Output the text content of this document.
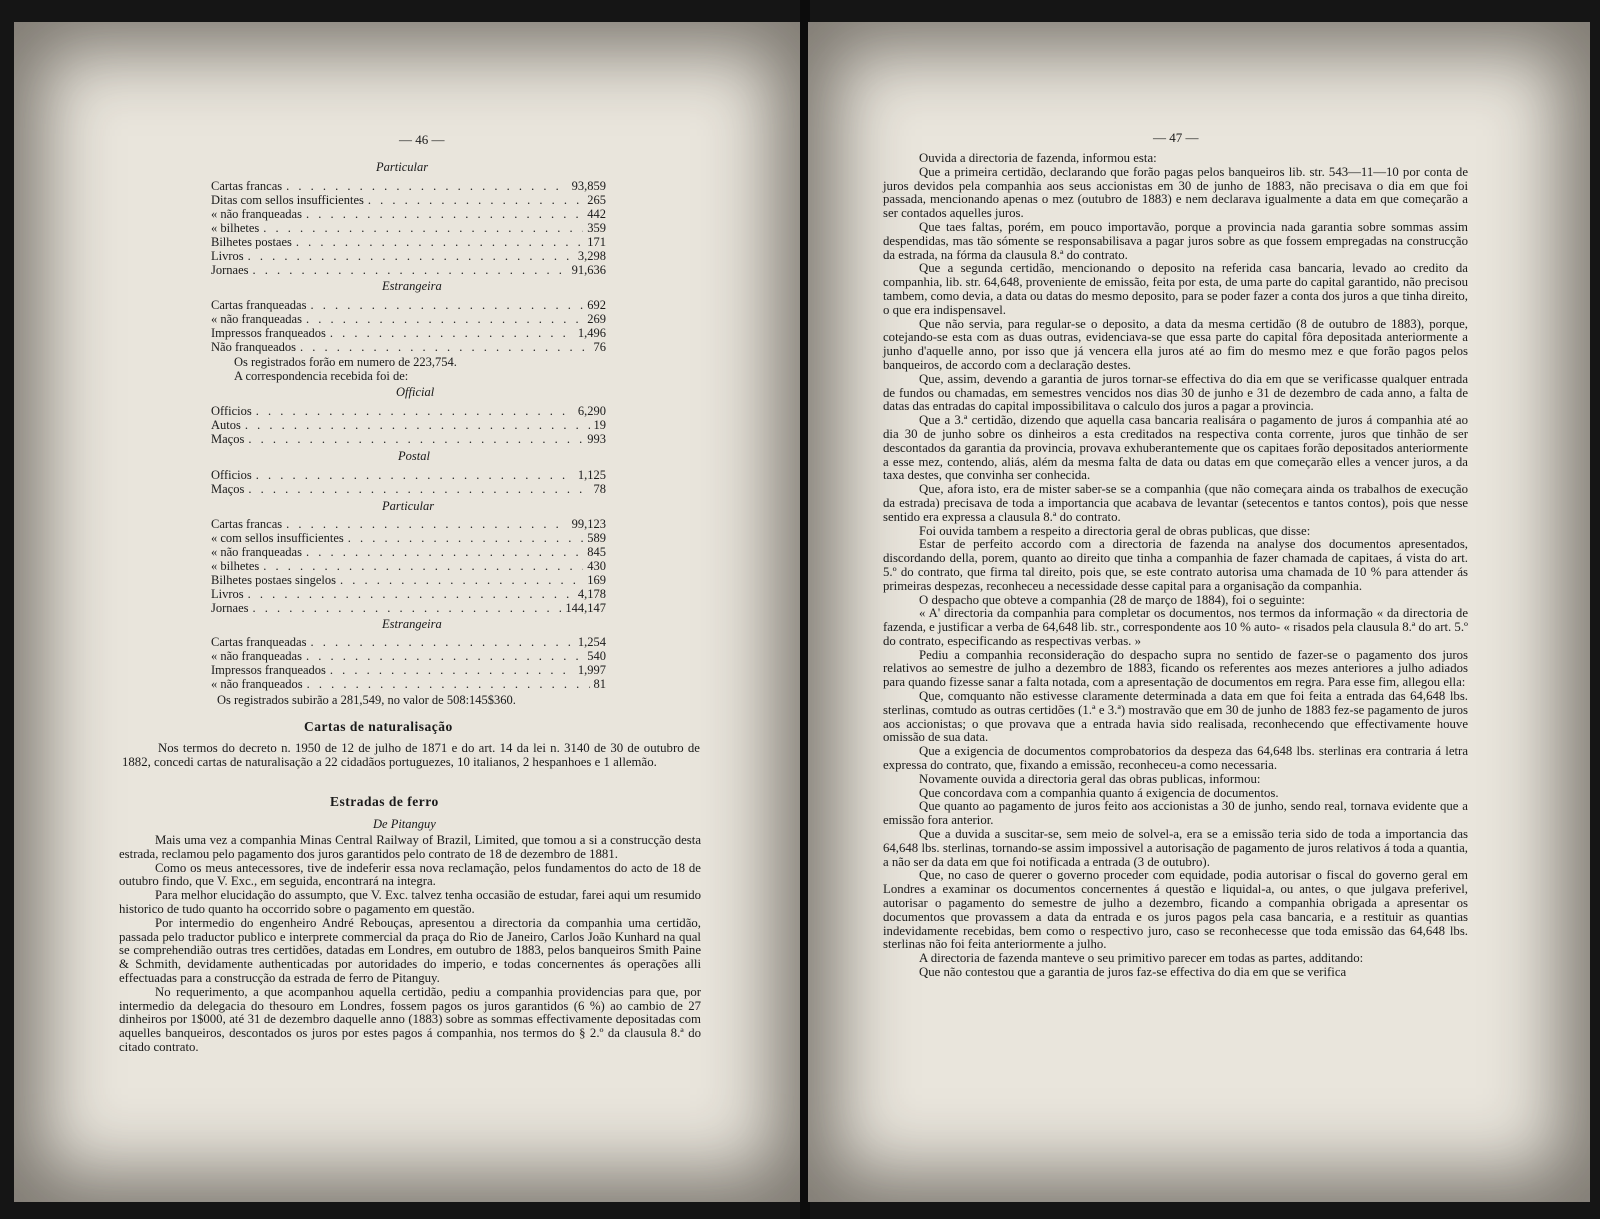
— 46 —
Particular
Cartas francas . . .	93,859
Ditas com sellos insufficientes . . .	265
« não franqueadas . . .	442
« bilhetes . . .	359
Bilhetes postaes . . .	171
Livros . . .	3,298
Jornaes . . .	91,636
Estrangeira
Cartas franqueadas . . .	692
« não franqueadas . . .	269
Impressos franqueados . . .	1,496
Não franqueados . . .	76
Os registrados forão em numero de 223,754.
A correspondencia recebida foi de:
Official
Officios . . .	6,290
Autos . . .	19
Maços . . .	993
Postal
Officios . . .	1,125
Maços . . .	78
Particular
Cartas francas . . .	99,123
« com sellos insufficientes . . .	589
« não franqueadas . . .	845
« bilhetes . . .	430
Bilhetes postaes singelos . . .	169
Livros . . .	4,178
Jornaes . . .	144,147
Estrangeira
Cartas franqueadas . . .	1,254
« não franqueadas . . .	540
Impressos franqueados . . .	1,997
« não franqueados . . .	81
Os registrados subirão a 281,549, no valor de 508:145$360.
Cartas de naturalisação

Nos termos do decreto n. 1950 de 12 de julho de 1871 e do art. 14 da lei n. 3140 de 30 de outubro de 1882, concedi cartas de naturalisação a 22 cidadãos portuguezes, 10 italianos, 2 hespanhoes e 1 allemão.

Estradas de ferro
De Pitanguy

Mais uma vez a companhia Minas Central Railway of Brazil, Limited, que tomou a si a construcção desta estrada, reclamou pelo pagamento dos juros garantidos pelo contrato de 18 de dezembro de 1881.

Como os meus antecessores, tive de indeferir essa nova reclamação, pelos fundamentos do acto de 18 de outubro findo, que V. Exc., em seguida, encontrará na integra.

Para melhor elucidação do assumpto, que V. Exc. talvez tenha occasião de estudar, farei aqui um resumido historico de tudo quanto ha occorrido sobre o pagamento em questão.

Por intermedio do engenheiro André Rebouças, apresentou a directoria da companhia uma certidão, passada pelo traductor publico e interprete commercial da praça do Rio de Janeiro, Carlos João Kunhard na qual se comprehendião outras tres certidões, datadas em Londres, em outubro de 1883, pelos banqueiros Smith Paine & Schmith, devidamente authenticadas por autoridades do imperio, e todas concernentes ás operações alli effectuadas para a construcção da estrada de ferro de Pitanguy.

No requerimento, a que acompanhou aquella certidão, pediu a companhia providencias para que, por intermedio da delegacia do thesouro em Londres, fossem pagos os juros garantidos (6 %) ao cambio de 27 dinheiros por 1$000, até 31 de dezembro daquelle anno (1883) sobre as sommas effectivamente depositadas com aquelles banqueiros, descontados os juros por estes pagos á companhia, nos termos do § 2.º da clausula 8.ª do citado contrato.

— 47 —

Ouvida a directoria de fazenda, informou esta:

Que a primeira certidão, declarando que forão pagas pelos banqueiros lib. str. 543—11—10 por conta de juros devidos pela companhia aos seus accionistas em 30 de junho de 1883, não precisava o dia em que foi passada, mencionando apenas o mez (outubro de 1883) e nem declarava igualmente a data em que começarão a ser contados aquelles juros.

Que taes faltas, porém, em pouco importavão, porque a provincia nada garantia sobre sommas assim despendidas, mas tão sómente se responsabilisava a pagar juros sobre as que fossem empregadas na construcção da estrada, na fórma da clausula 8.ª do contrato.

Que a segunda certidão, mencionando o deposito na referida casa bancaria, levado ao credito da companhia, lib. str. 64,648, proveniente de emissão, feita por esta, de uma parte do capital garantido, não precisou tambem, como devia, a data ou datas do mesmo deposito, para se poder fazer a conta dos juros a que tinha direito, o que era indispensavel.

Que não servia, para regular-se o deposito, a data da mesma certidão (8 de outubro de 1883), porque, cotejando-se esta com as duas outras, evidenciava-se que essa parte do capital fôra depositada anteriormente a junho d'aquelle anno, por isso que já vencera ella juros até ao fim do mesmo mez e que forão pagos pelos banqueiros, de accordo com a declaração destes.

Que, assim, devendo a garantia de juros tornar-se effectiva do dia em que se verificasse qualquer entrada de fundos ou chamadas, em semestres vencidos nos dias 30 de junho e 31 de dezembro de cada anno, a falta de datas das entradas do capital impossibilitava o calculo dos juros a pagar a provincia.

Que a 3.ª certidão, dizendo que aquella casa bancaria realisára o pagamento de juros á companhia até ao dia 30 de junho sobre os dinheiros a esta creditados na respectiva conta corrente, juros que tinhão de ser descontados da garantia da provincia, provava exhuberantemente que os capitaes forão depositados anteriormente a esse mez, contendo, aliás, além da mesma falta de data ou datas em que começarão elles a vencer juros, a da taxa destes, que convinha ser conhecida.

Que, afora isto, era de mister saber-se se a companhia (que não começara ainda os trabalhos de execução da estrada) precisava de toda a importancia que acabava de levantar (setecentos e tantos contos), pois que nesse sentido era expressa a clausula 8.ª do contrato.

Foi ouvida tambem a respeito a directoria geral de obras publicas, que disse:

Estar de perfeito accordo com a directoria de fazenda na analyse dos documentos apresentados, discordando della, porem, quanto ao direito que tinha a companhia de fazer chamada de capitaes, á vista do art. 5.º do contrato, que firma tal direito, pois que, se este contrato autorisa uma chamada de 10 % para attender ás primeiras despezas, reconheceu a necessidade desse capital para a organisação da companhia.

O despacho que obteve a companhia (28 de março de 1884), foi o seguinte:

« A' directoria da companhia para completar os documentos, nos termos da informação « da directoria de fazenda, e justificar a verba de 64,648 lib. str., correspondente aos 10 % auto- « risados pela clausula 8.ª do art. 5.º do contrato, especificando as respectivas verbas. »

Pediu a companhia reconsideração do despacho supra no sentido de fazer-se o pagamento dos juros relativos ao semestre de julho a dezembro de 1883, ficando os referentes aos mezes anteriores a julho adiados para quando fizesse sanar a falta notada, com a apresentação de documentos em regra. Para esse fim, allegou ella:

Que, comquanto não estivesse claramente determinada a data em que foi feita a entrada das 64,648 lbs. sterlinas, comtudo as outras certidões (1.ª e 3.ª) mostravão que em 30 de junho de 1883 fez-se pagamento de juros aos accionistas; o que provava que a entrada havia sido realisada, reconhecendo que effectivamente houve omissão de sua data.

Que a exigencia de documentos comprobatorios da despeza das 64,648 lbs. sterlinas era contraria á letra expressa do contrato, que, fixando a emissão, reconheceu-a como necessaria.

Novamente ouvida a directoria geral das obras publicas, informou:

Que concordava com a companhia quanto á exigencia de documentos.

Que quanto ao pagamento de juros feito aos accionistas a 30 de junho, sendo real, tornava evidente que a emissão fora anterior.

Que a duvida a suscitar-se, sem meio de solvel-a, era se a emissão teria sido de toda a importancia das 64,648 lbs. sterlinas, tornando-se assim impossivel a autorisação de pagamento de juros relativos á toda a quantia, a não ser da data em que foi notificada a entrada (3 de outubro).

Que, no caso de querer o governo proceder com equidade, podia autorisar o fiscal do governo geral em Londres a examinar os documentos concernentes á questão e liquidal-a, ou antes, o que julgava preferivel, autorisar o pagamento do semestre de julho a dezembro, ficando a companhia obrigada a apresentar os documentos que provassem a data da entrada e os juros pagos pela casa bancaria, e a restituir as quantias indevidamente recebidas, bem como o respectivo juro, caso se reconhecesse que toda emissão das 64,648 lbs. sterlinas não foi feita anteriormente a julho.

A directoria de fazenda manteve o seu primitivo parecer em todas as partes, additando:

Que não contestou que a garantia de juros faz-se effectiva do dia em que se verifica
